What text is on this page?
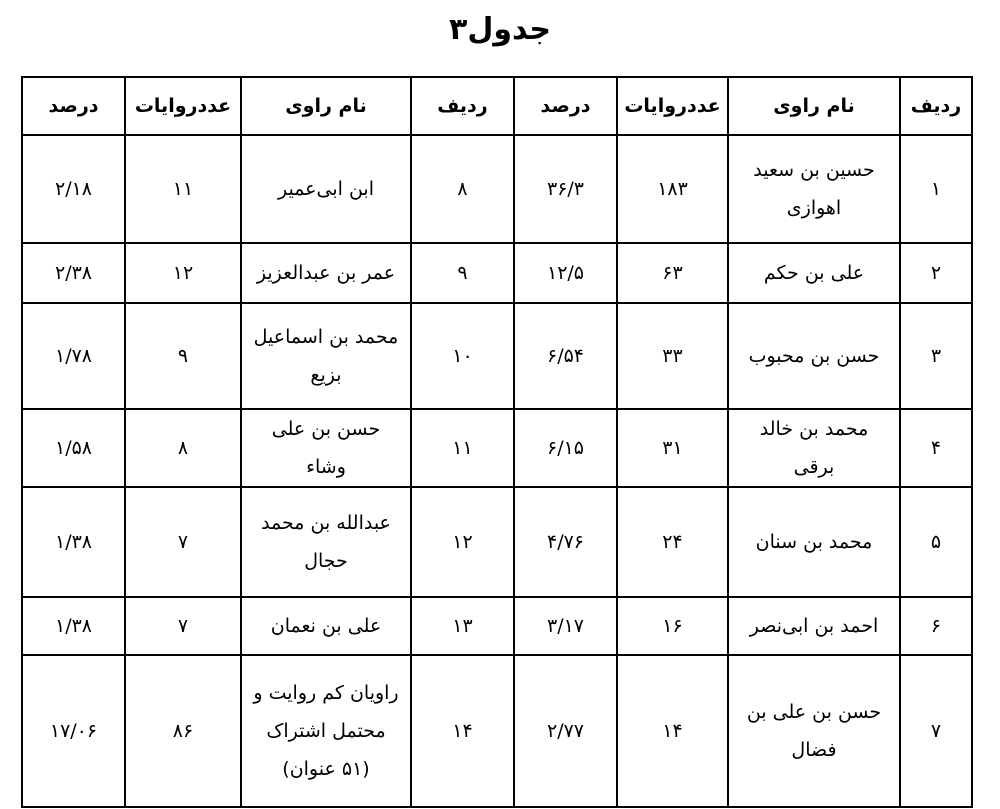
جدول۳
ردیف	نام راوی	عددروایات	درصد	ردیف	نام راوی	عددروایات	درصد
۱	حسین بن سعید اهوازی	۱۸۳	۳۶/۳	۸	ابن ابی‌عمیر	۱۱	۲/۱۸
۲	علی بن حکم	۶۳	۱۲/۵	۹	عمر بن عبدالعزیز	۱۲	۲/۳۸
۳	حسن بن محبوب	۳۳	۶/۵۴	۱۰	محمد بن اسماعیل بزیع	۹	۱/۷۸
۴	محمد بن خالد برقی	۳۱	۶/۱۵	۱۱	حسن بن علی وشاء	۸	۱/۵۸
۵	محمد بن سنان	۲۴	۴/۷۶	۱۲	عبدالله بن محمد حجال	۷	۱/۳۸
۶	احمد بن ابی‌نصر	۱۶	۳/۱۷	۱۳	علی بن نعمان	۷	۱/۳۸
۷	حسن بن علی بن فضال	۱۴	۲/۷۷	۱۴	راویان کم روایت و محتمل اشتراک (۵۱ عنوان)	۸۶	۱۷/۰۶
